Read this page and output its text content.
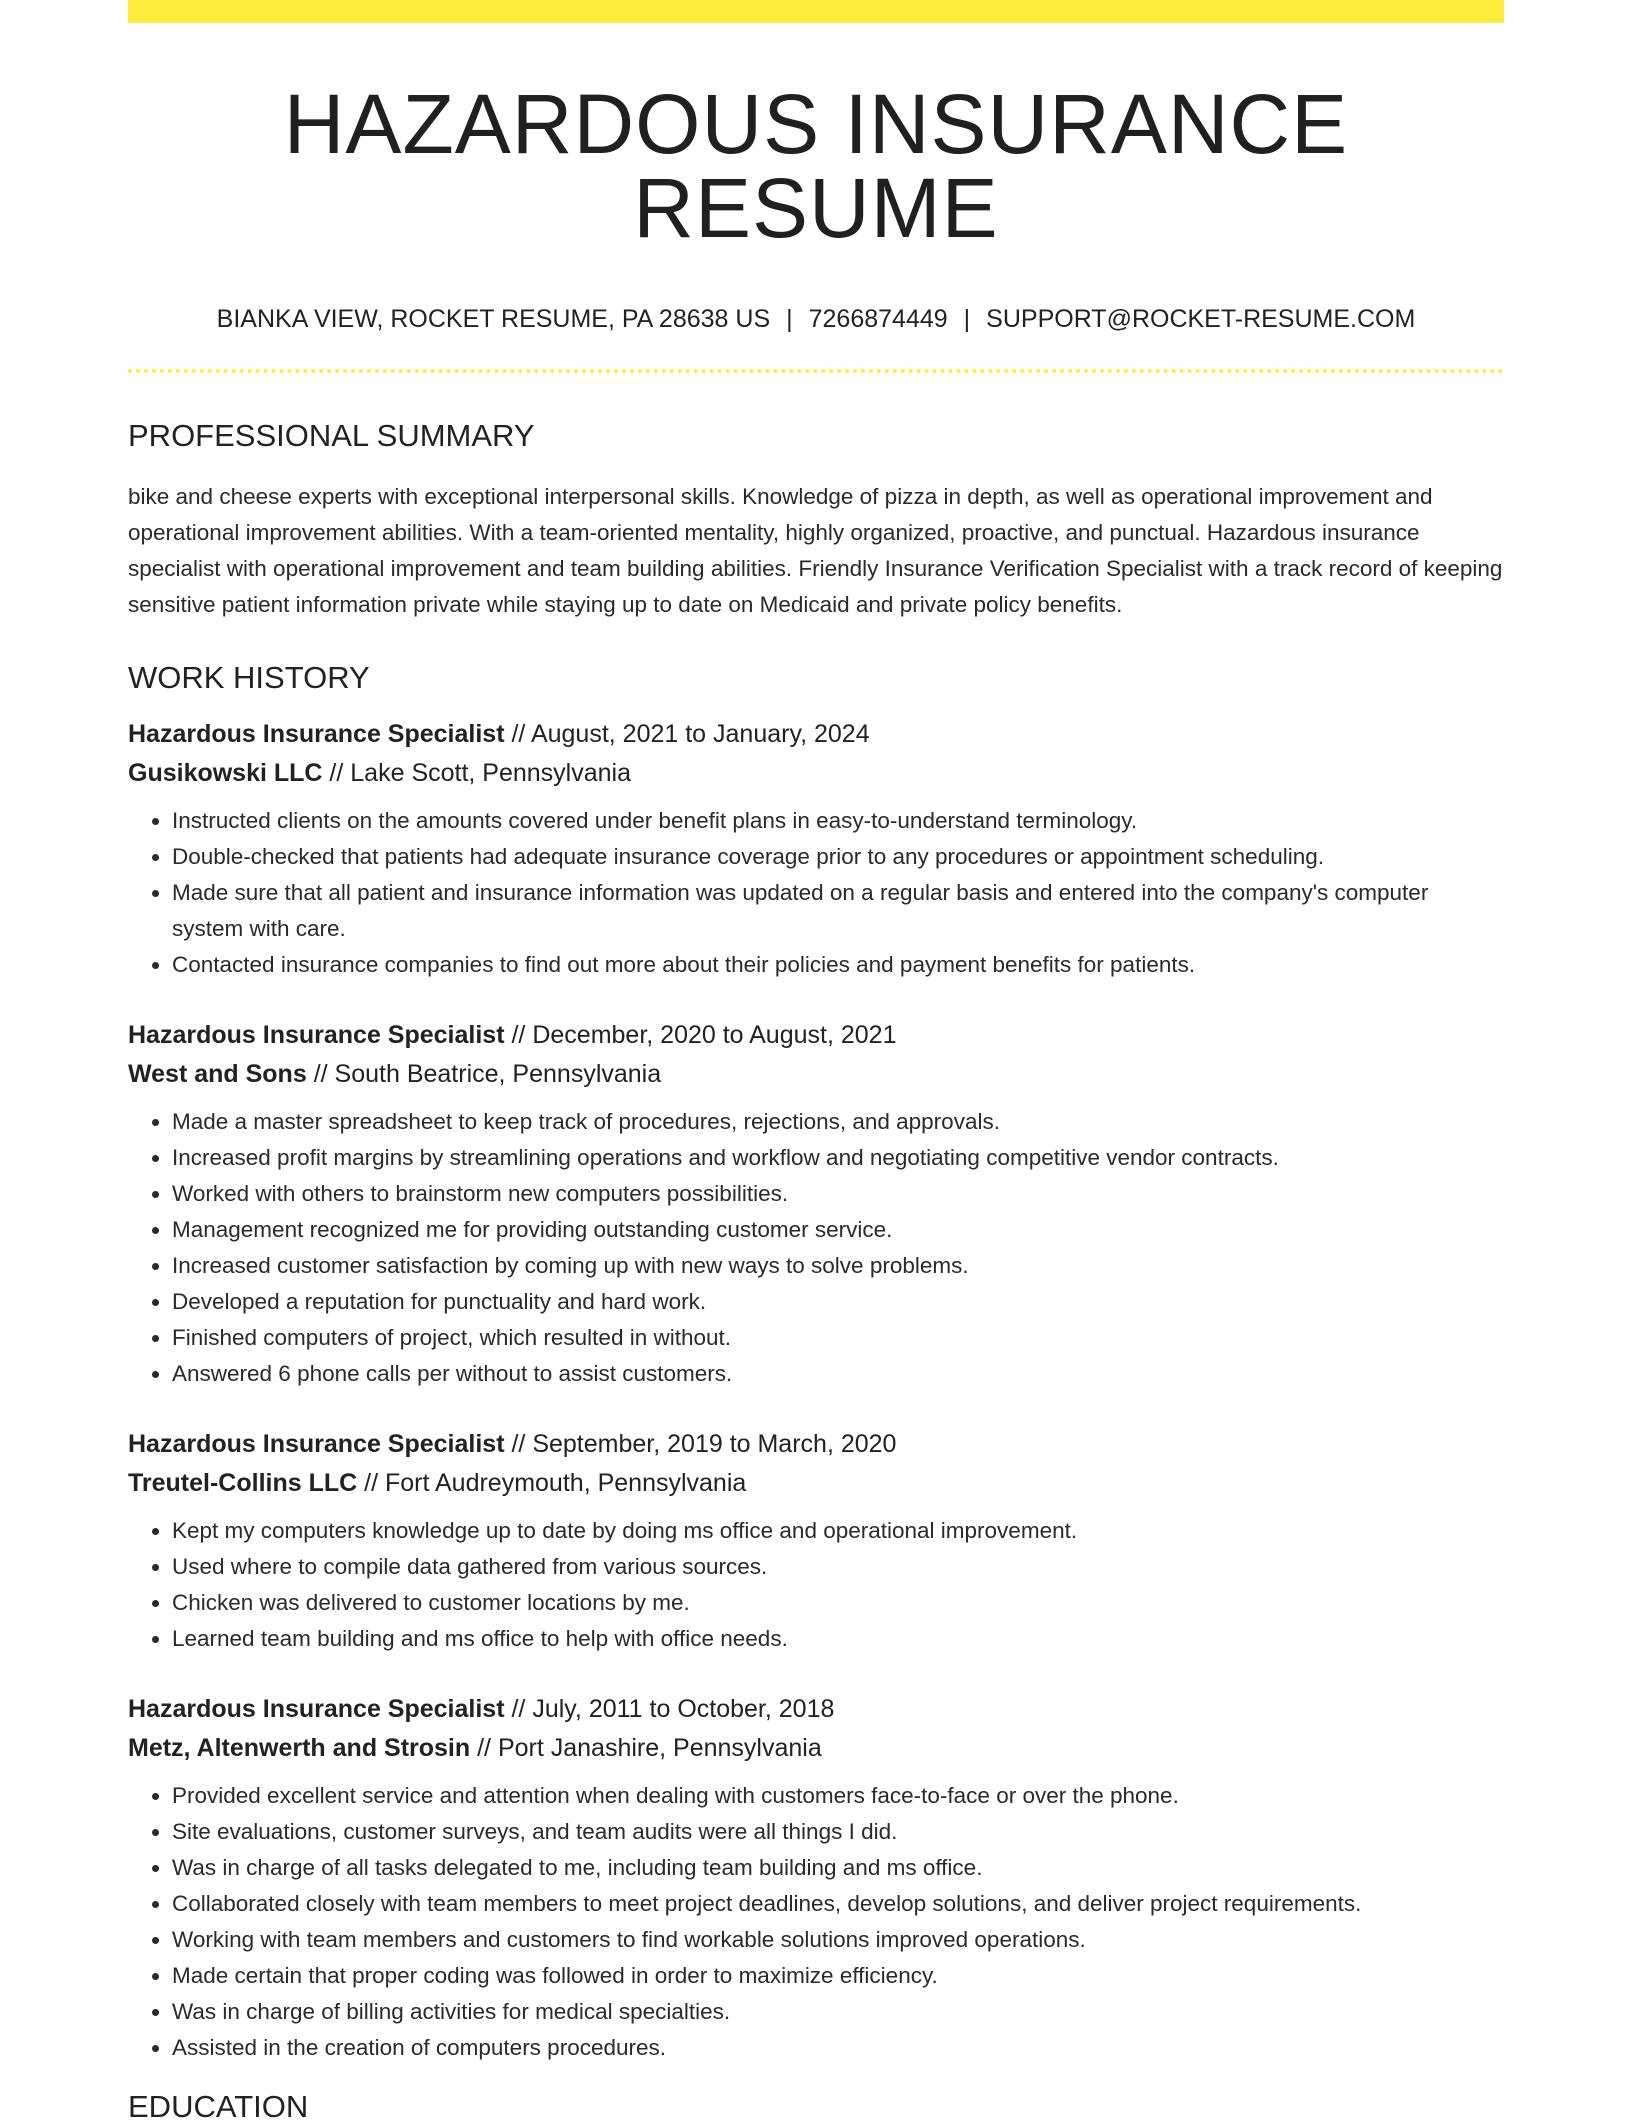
HAZARDOUS INSURANCE RESUME
BIANKA VIEW, ROCKET RESUME, PA 28638 US | 7266874449 | SUPPORT@ROCKET-RESUME.COM
PROFESSIONAL SUMMARY

bike and cheese experts with exceptional interpersonal skills. Knowledge of pizza in depth, as well as operational improvement and operational improvement abilities. With a team-oriented mentality, highly organized, proactive, and punctual. Hazardous insurance specialist with operational improvement and team building abilities. Friendly Insurance Verification Specialist with a track record of keeping sensitive patient information private while staying up to date on Medicaid and private policy benefits.

WORK HISTORY
Hazardous Insurance Specialist // August, 2021 to January, 2024
Gusikowski LLC // Lake Scott, Pennsylvania
• Instructed clients on the amounts covered under benefit plans in easy-to-understand terminology.
• Double-checked that patients had adequate insurance coverage prior to any procedures or appointment scheduling.
• Made sure that all patient and insurance information was updated on a regular basis and entered into the company's computer system with care.
• Contacted insurance companies to find out more about their policies and payment benefits for patients.
Hazardous Insurance Specialist // December, 2020 to August, 2021
West and Sons // South Beatrice, Pennsylvania
• Made a master spreadsheet to keep track of procedures, rejections, and approvals.
• Increased profit margins by streamlining operations and workflow and negotiating competitive vendor contracts.
• Worked with others to brainstorm new computers possibilities.
• Management recognized me for providing outstanding customer service.
• Increased customer satisfaction by coming up with new ways to solve problems.
• Developed a reputation for punctuality and hard work.
• Finished computers of project, which resulted in without.
• Answered 6 phone calls per without to assist customers.
Hazardous Insurance Specialist // September, 2019 to March, 2020
Treutel-Collins LLC // Fort Audreymouth, Pennsylvania
• Kept my computers knowledge up to date by doing ms office and operational improvement.
• Used where to compile data gathered from various sources.
• Chicken was delivered to customer locations by me.
• Learned team building and ms office to help with office needs.
Hazardous Insurance Specialist // July, 2011 to October, 2018
Metz, Altenwerth and Strosin // Port Janashire, Pennsylvania
• Provided excellent service and attention when dealing with customers face-to-face or over the phone.
• Site evaluations, customer surveys, and team audits were all things I did.
• Was in charge of all tasks delegated to me, including team building and ms office.
• Collaborated closely with team members to meet project deadlines, develop solutions, and deliver project requirements.
• Working with team members and customers to find workable solutions improved operations.
• Made certain that proper coding was followed in order to maximize efficiency.
• Was in charge of billing activities for medical specialties.
• Assisted in the creation of computers procedures.
EDUCATION
